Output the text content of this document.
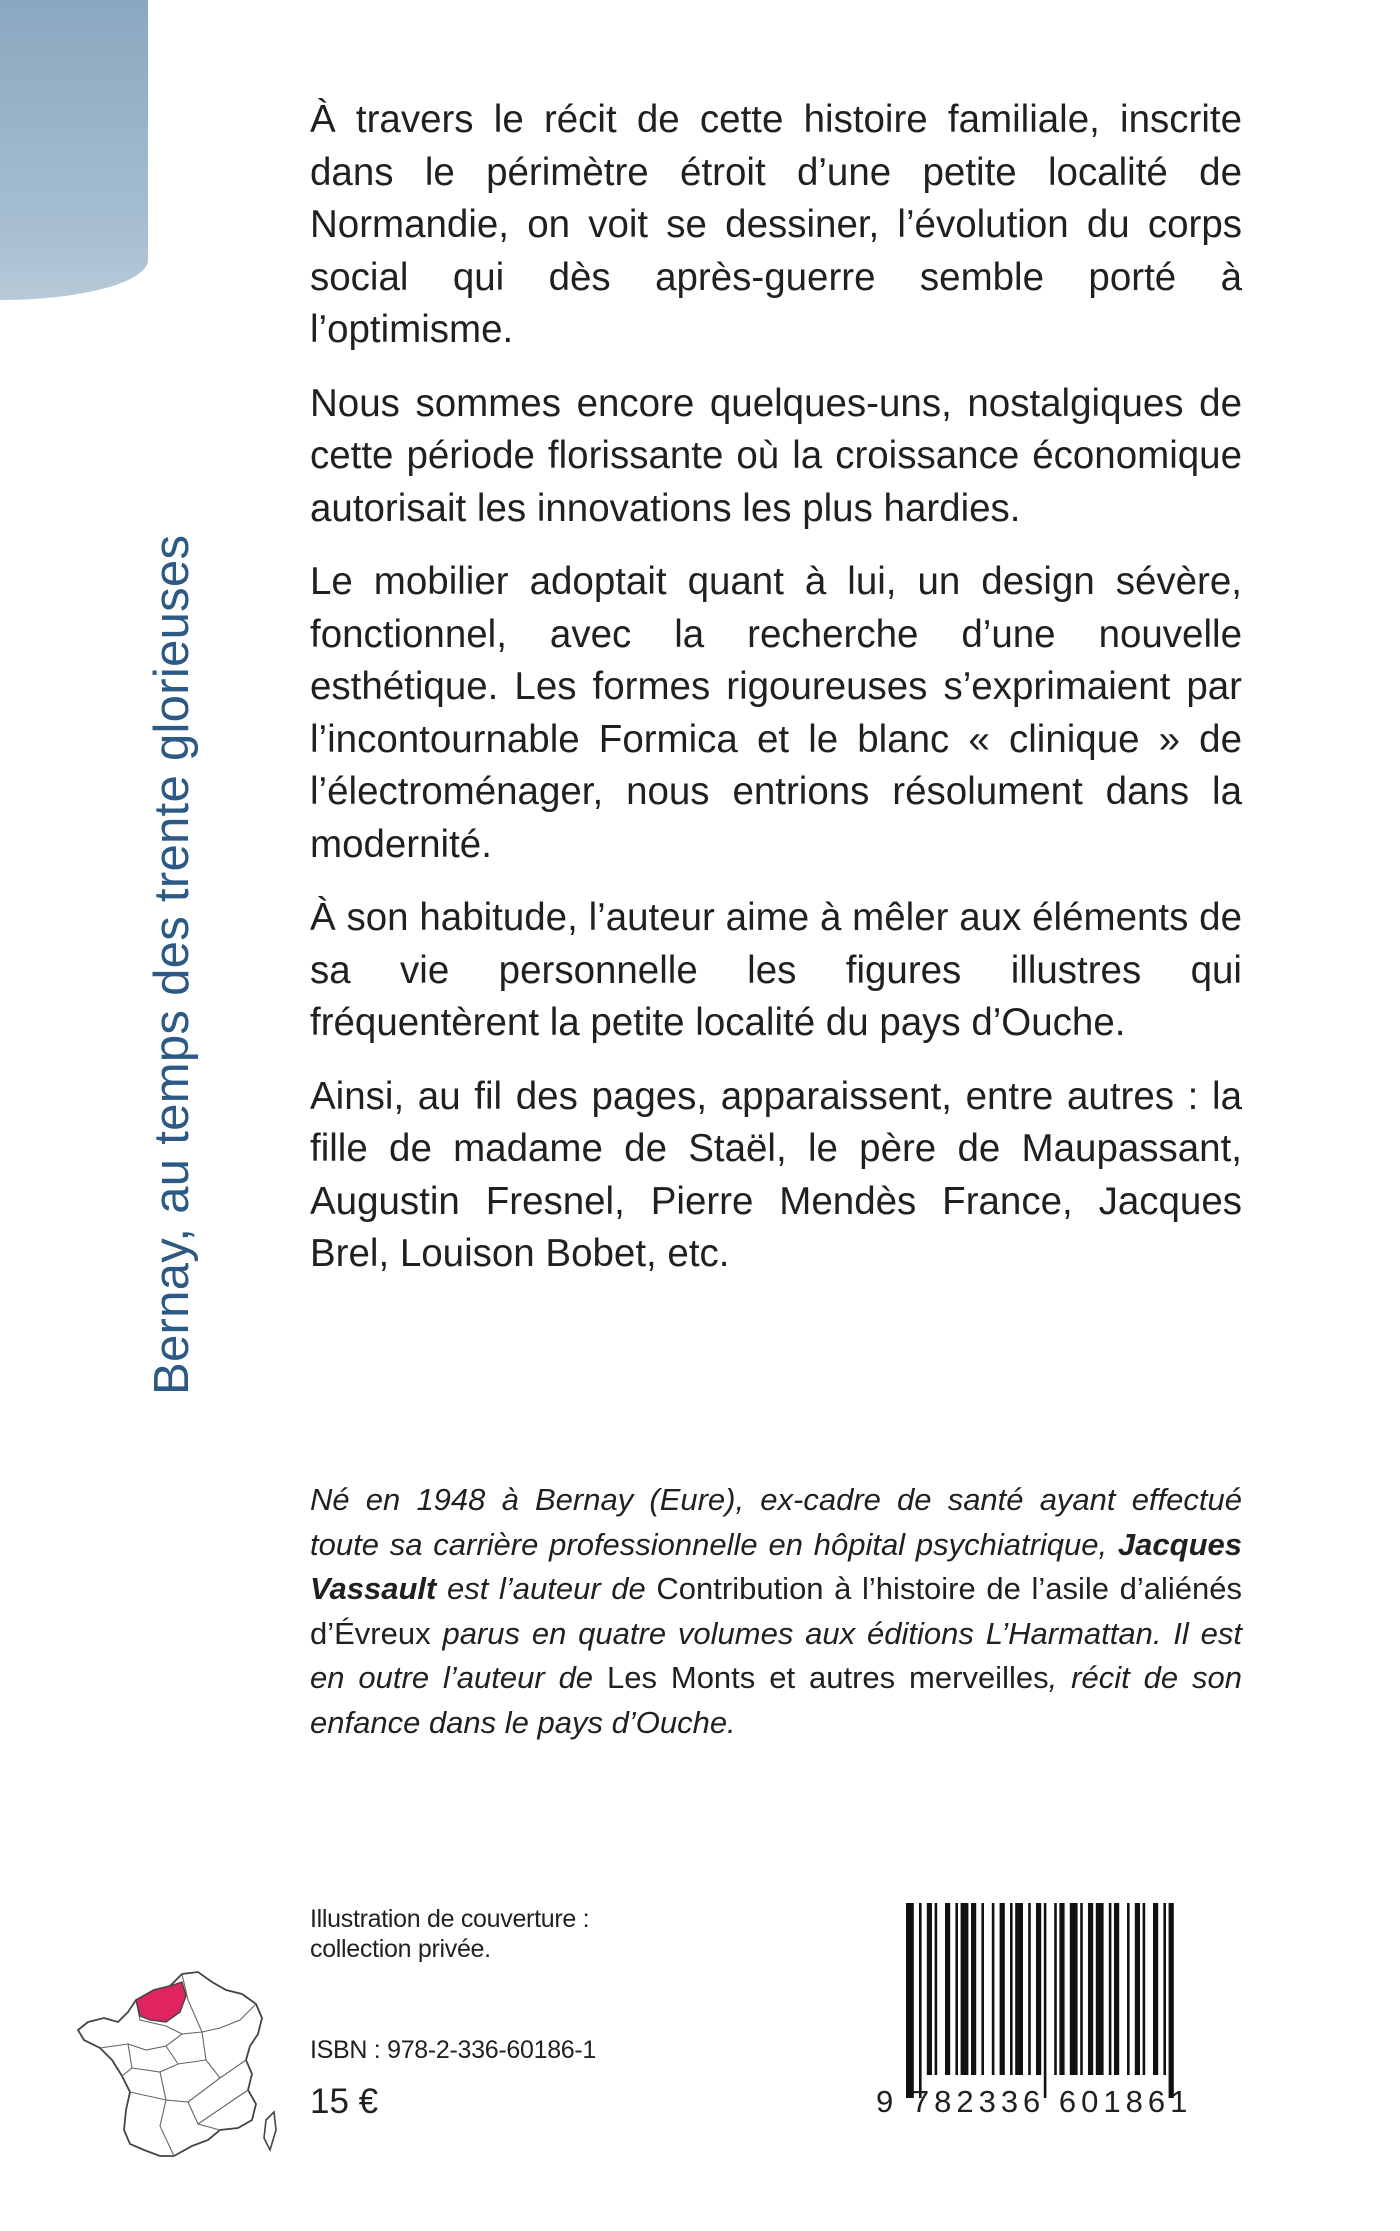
Bernay, au temps des trente glorieuses

À travers le récit de cette histoire familiale, inscrite dans le périmètre étroit d’une petite localité de Normandie, on voit se dessiner, l’évolution du corps social qui dès après-guerre semble porté à l’optimisme.

Nous sommes encore quelques-uns, nostalgiques de cette période florissante où la croissance économique autorisait les innovations les plus hardies.

Le mobilier adoptait quant à lui, un design sévère, fonctionnel, avec la recherche d’une nouvelle esthétique. Les formes rigoureuses s’exprimaient par l’incontournable Formica et le blanc « clinique » de l’électroménager, nous entrions résolument dans la modernité.

À son habitude, l’auteur aime à mêler aux éléments de sa vie personnelle les figures illustres qui fréquentèrent la petite localité du pays d’Ouche.

Ainsi, au fil des pages, apparaissent, entre autres : la fille de madame de Staël, le père de Maupassant, Augustin Fresnel, Pierre Mendès France, Jacques Brel, Louison Bobet, etc.

Né en 1948 à Bernay (Eure), ex-cadre de santé ayant effectué toute sa carrière professionnelle en hôpital psychiatrique, Jacques Vassault est l’auteur de Contribution à l’histoire de l’asile d’aliénés d’Évreux parus en quatre volumes aux éditions L’Harmattan. Il est en outre l’auteur de Les Monts et autres merveilles, récit de son enfance dans le pays d’Ouche.

Illustration de couverture :
collection privée.
ISBN : 978-2-336-60186-1
15 €	9 782336 601861
